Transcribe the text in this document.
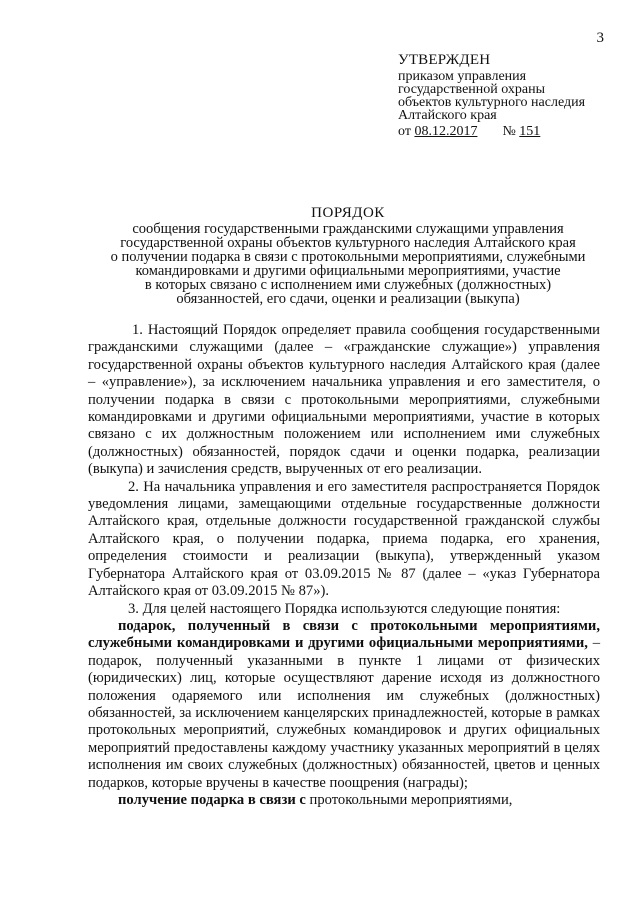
3
УТВЕРЖДЕН
приказом управления
государственной охраны
объектов культурного наследия
Алтайского края
от 08.12.2017 № 151
ПОРЯДОК
сообщения государственными гражданскими служащими управления
государственной охраны объектов культурного наследия Алтайского края
о получении подарка в связи с протокольными мероприятиями, служебными
командировками и другими официальными мероприятиями, участие
в которых связано с исполнением ими служебных (должностных)
обязанностей, его сдачи, оценки и реализации (выкупа)

1. Настоящий Порядок определяет правила сообщения государственными гражданскими служащими (далее – «гражданские служащие») управления государственной охраны объектов культурного наследия Алтайского края (далее – «управление»), за исключением начальника управления и его заместителя, о получении подарка в связи с протокольными мероприятиями, служебными командировками и другими официальными мероприятиями, участие в которых связано с их должностным положением или исполнением ими служебных (должностных) обязанностей, порядок сдачи и оценки подарка, реализации (выкупа) и зачисления средств, вырученных от его реализации.

2. На начальника управления и его заместителя распространяется Порядок уведомления лицами, замещающими отдельные государственные должности Алтайского края, отдельные должности государственной гражданской службы Алтайского края, о получении подарка, приема подарка, его хранения, определения стоимости и реализации (выкупа), утвержденный указом Губернатора Алтайского края от 03.09.2015 № 87 (далее – «указ Губернатора Алтайского края от 03.09.2015 № 87»).

3. Для целей настоящего Порядка используются следующие понятия:

подарок, полученный в связи с протокольными мероприятиями, служебными командировками и другими официальными мероприятиями, – подарок, полученный указанными в пункте 1 лицами от физических (юридических) лиц, которые осуществляют дарение исходя из должностного положения одаряемого или исполнения им служебных (должностных) обязанностей, за исключением канцелярских принадлежностей, которые в рамках протокольных мероприятий, служебных командировок и других официальных мероприятий предоставлены каждому участнику указанных мероприятий в целях исполнения им своих служебных (должностных) обязанностей, цветов и ценных подарков, которые вручены в качестве поощрения (награды);

получение подарка в связи с протокольными мероприятиями,
